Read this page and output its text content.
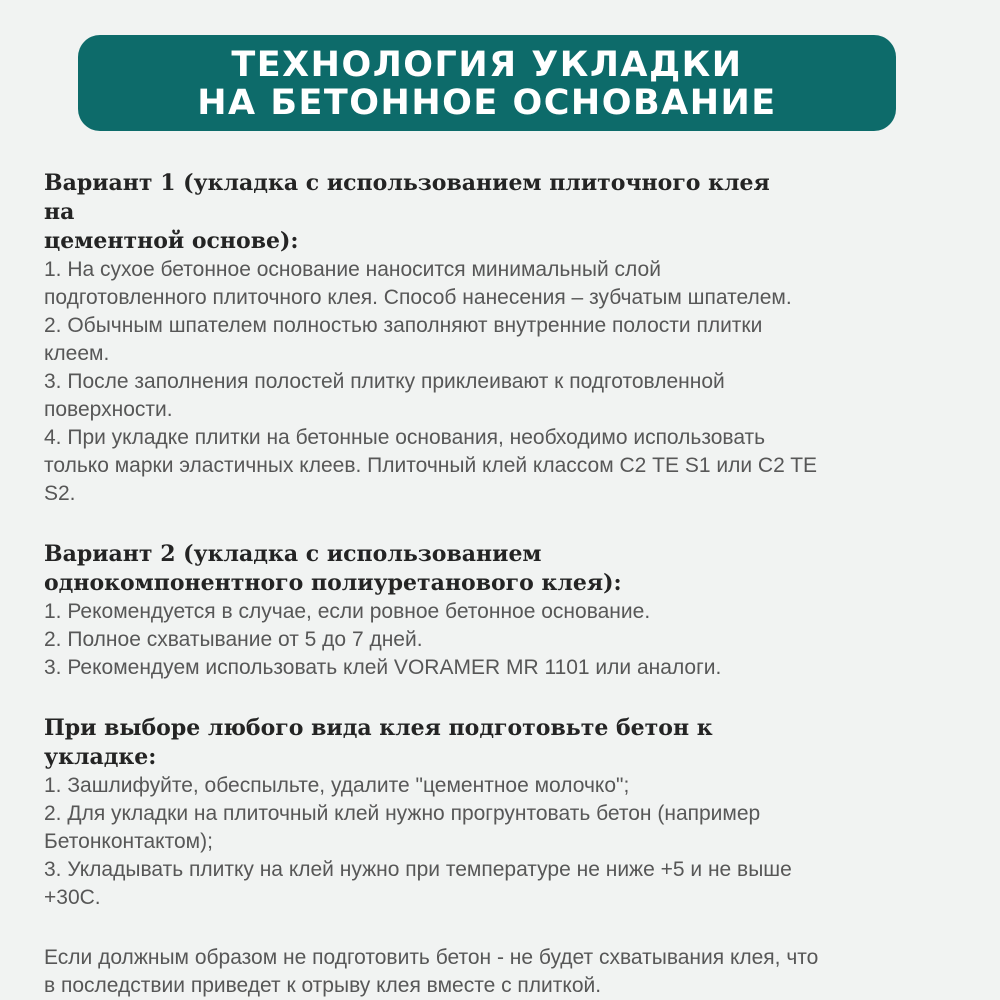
ТЕХНОЛОГИЯ УКЛАДКИ
НА БЕТОННОЕ ОСНОВАНИЕ
Вариант 1 (укладка с использованием плиточного клея
на
цементной основе):
1. На сухое бетонное основание наносится минимальный слой
подготовленного плиточного клея. Способ нанесения – зубчатым шпателем.
2. Обычным шпателем полностью заполняют внутренние полости плитки
клеем.
3. После заполнения полостей плитку приклеивают к подготовленной
поверхности.
4. При укладке плитки на бетонные основания, необходимо использовать
только марки эластичных клеев. Плиточный клей классом С2 TE S1 или C2 TE
S2.
Вариант 2 (укладка с использованием
однокомпонентного полиуретанового клея):
1. Рекомендуется в случае, если ровное бетонное основание.
2. Полное схватывание от 5 до 7 дней.
3. Рекомендуем использовать клей VORAMER MR 1101 или аналоги.
При выборе любого вида клея подготовьте бетон к
укладке:
1. Зашлифуйте, обеспыльте, удалите "цементное молочко";
2. Для укладки на плиточный клей нужно прогрунтовать бетон (например
Бетонконтактом);
3. Укладывать плитку на клей нужно при температуре не ниже +5 и не выше
+30С.
Если должным образом не подготовить бетон - не будет схватывания клея, что
в последствии приведет к отрыву клея вместе с плиткой.
